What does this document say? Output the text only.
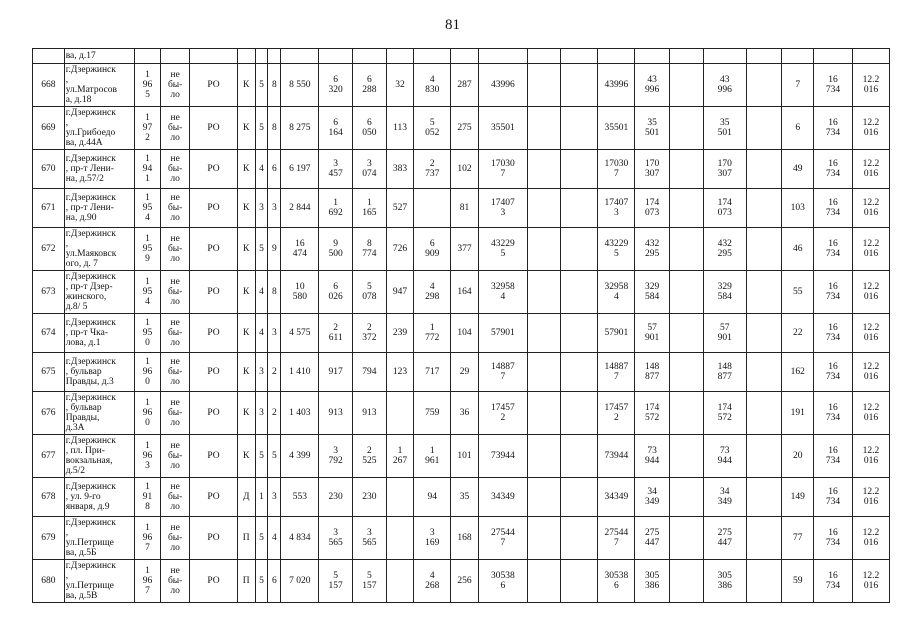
81
	ва, д.17																							
668	г.Дзержинск
,
ул.Матросов
а, д.18	1
96
5	не
бы-
ло	РО	К	5	8	8 550	6
320	6
288	32	4
830	287	43996			43996	43
996		43
996		7	16
734	12.2
016
669	г.Дзержинск
,
ул.Грибоедо
ва, д.44А	1
97
2	не
бы-
ло	РО	К	5	8	8 275	6
164	6
050	113	5
052	275	35501			35501	35
501		35
501		6	16
734	12.2
016
670	г.Дзержинск
, пр-т Лени-
на, д.57/2	1
94
1	не
бы-
ло	РО	К	4	6	6 197	3
457	3
074	383	2
737	102	17030
7			17030
7	170
307		170
307		49	16
734	12.2
016
671	г.Дзержинск
, пр-т Лени-
на, д.90	1
95
4	не
бы-
ло	РО	К	3	3	2 844	1
692	1
165	527		81	17407
3			17407
3	174
073		174
073		103	16
734	12.2
016
672	г.Дзержинск
,
ул.Маяковск
ого, д. 7	1
95
9	не
бы-
ло	РО	К	5	9	16
474	9
500	8
774	726	6
909	377	43229
5			43229
5	432
295		432
295		46	16
734	12.2
016
673	г.Дзержинск
, пр-т Дзер-
жинского,
д.8/ 5	1
95
4	не
бы-
ло	РО	К	4	8	10
580	6
026	5
078	947	4
298	164	32958
4			32958
4	329
584		329
584		55	16
734	12.2
016
674	г.Дзержинск
, пр-т Чка-
лова, д.1	1
95
0	не
бы-
ло	РО	К	4	3	4 575	2
611	2
372	239	1
772	104	57901			57901	57
901		57
901		22	16
734	12.2
016
675	г.Дзержинск
, бульвар
Правды, д.3	1
96
0	не
бы-
ло	РО	К	3	2	1 410	917	794	123	717	29	14887
7			14887
7	148
877		148
877		162	16
734	12.2
016
676	г.Дзержинск
, бульвар
Правды,
д.3А	1
96
0	не
бы-
ло	РО	К	3	2	1 403	913	913		759	36	17457
2			17457
2	174
572		174
572		191	16
734	12.2
016
677	г.Дзержинск
, пл. При-
вокзальная,
д.5/2	1
96
3	не
бы-
ло	РО	К	5	5	4 399	3
792	2
525	1
267	1
961	101	73944			73944	73
944		73
944		20	16
734	12.2
016
678	г.Дзержинск
, ул. 9-го
января, д.9	1
91
8	не
бы-
ло	РО	Д	1	3	553	230	230		94	35	34349			34349	34
349		34
349		149	16
734	12.2
016
679	г.Дзержинск
,
ул.Петрище
ва, д.5Б	1
96
7	не
бы-
ло	РО	П	5	4	4 834	3
565	3
565		3
169	168	27544
7			27544
7	275
447		275
447		77	16
734	12.2
016
680	г.Дзержинск
,
ул.Петрище
ва, д.5В	1
96
7	не
бы-
ло	РО	П	5	6	7 020	5
157	5
157		4
268	256	30538
6			30538
6	305
386		305
386		59	16
734	12.2
016
